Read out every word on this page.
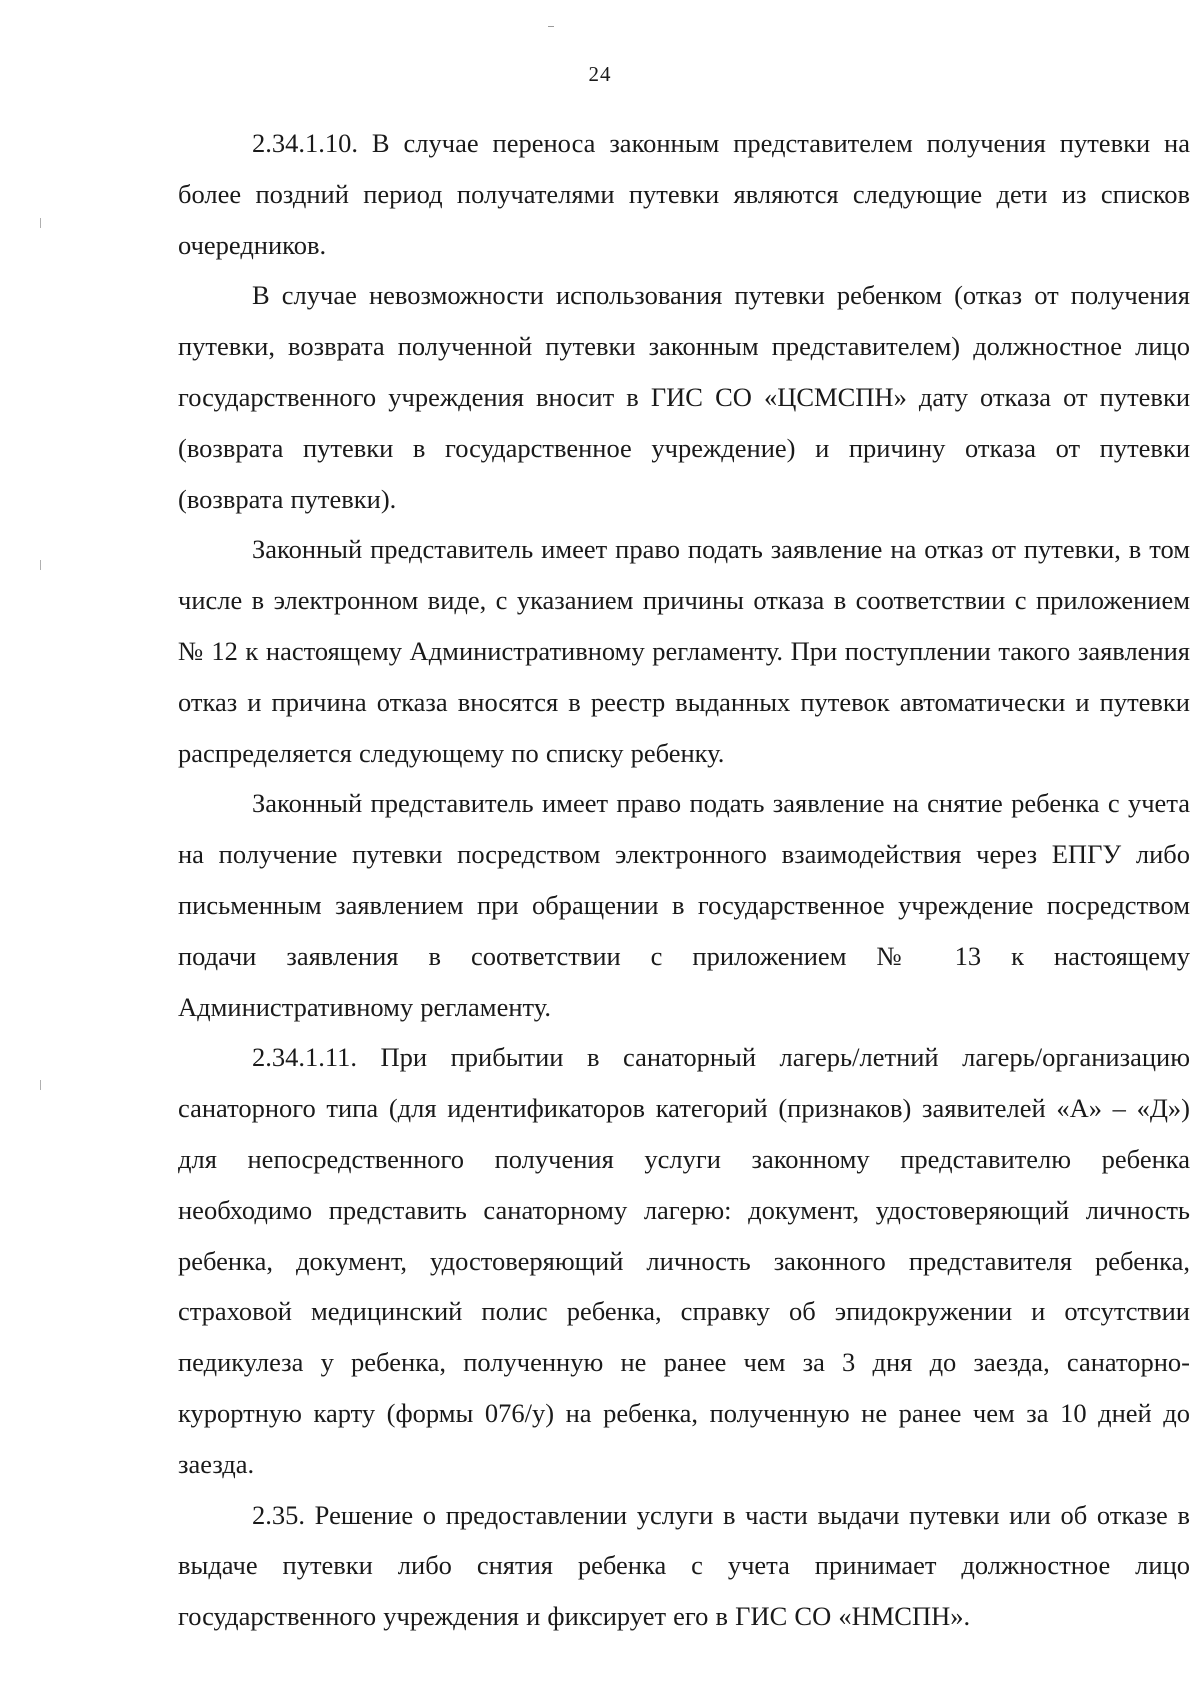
24

2.34.1.10. В случае переноса законным представителем получения путевки на более поздний период получателями путевки являются следующие дети из списков очередников.

В случае невозможности использования путевки ребенком (отказ от получения путевки, возврата полученной путевки законным представителем) должностное лицо государственного учреждения вносит в ГИС СО «ЦСМСПН» дату отказа от путевки (возврата путевки в государственное учреждение) и причину отказа от путевки (возврата путевки).

Законный представитель имеет право подать заявление на отказ от путевки, в том числе в электронном виде, с указанием причины отказа в соответствии с приложением № 12 к настоящему Административному регламенту. При поступлении такого заявления отказ и причина отказа вносятся в реестр выданных путевок автоматически и путевки распределяется следующему по списку ребенку.

Законный представитель имеет право подать заявление на снятие ребенка с учета на получение путевки посредством электронного взаимодействия через ЕПГУ либо письменным заявлением при обращении в государственное учреждение посредством подачи заявления в соответствии с приложением № 13 к настоящему Административному регламенту.

2.34.1.11. При прибытии в санаторный лагерь/летний лагерь/организацию санаторного типа (для идентификаторов категорий (признаков) заявителей «А» – «Д») для непосредственного получения услуги законному представителю ребенка необходимо представить санаторному лагерю: документ, удостоверяющий личность ребенка, документ, удостоверяющий личность законного представителя ребенка, страховой медицинский полис ребенка, справку об эпидокружении и отсутствии педикулеза у ребенка, полученную не ранее чем за 3 дня до заезда, санаторно-курортную карту (формы 076/у) на ребенка, полученную не ранее чем за 10 дней до заезда.

2.35. Решение о предоставлении услуги в части выдачи путевки или об отказе в выдаче путевки либо снятия ребенка с учета принимает должностное лицо государственного учреждения и фиксирует его в ГИС СО «НМСПН».
